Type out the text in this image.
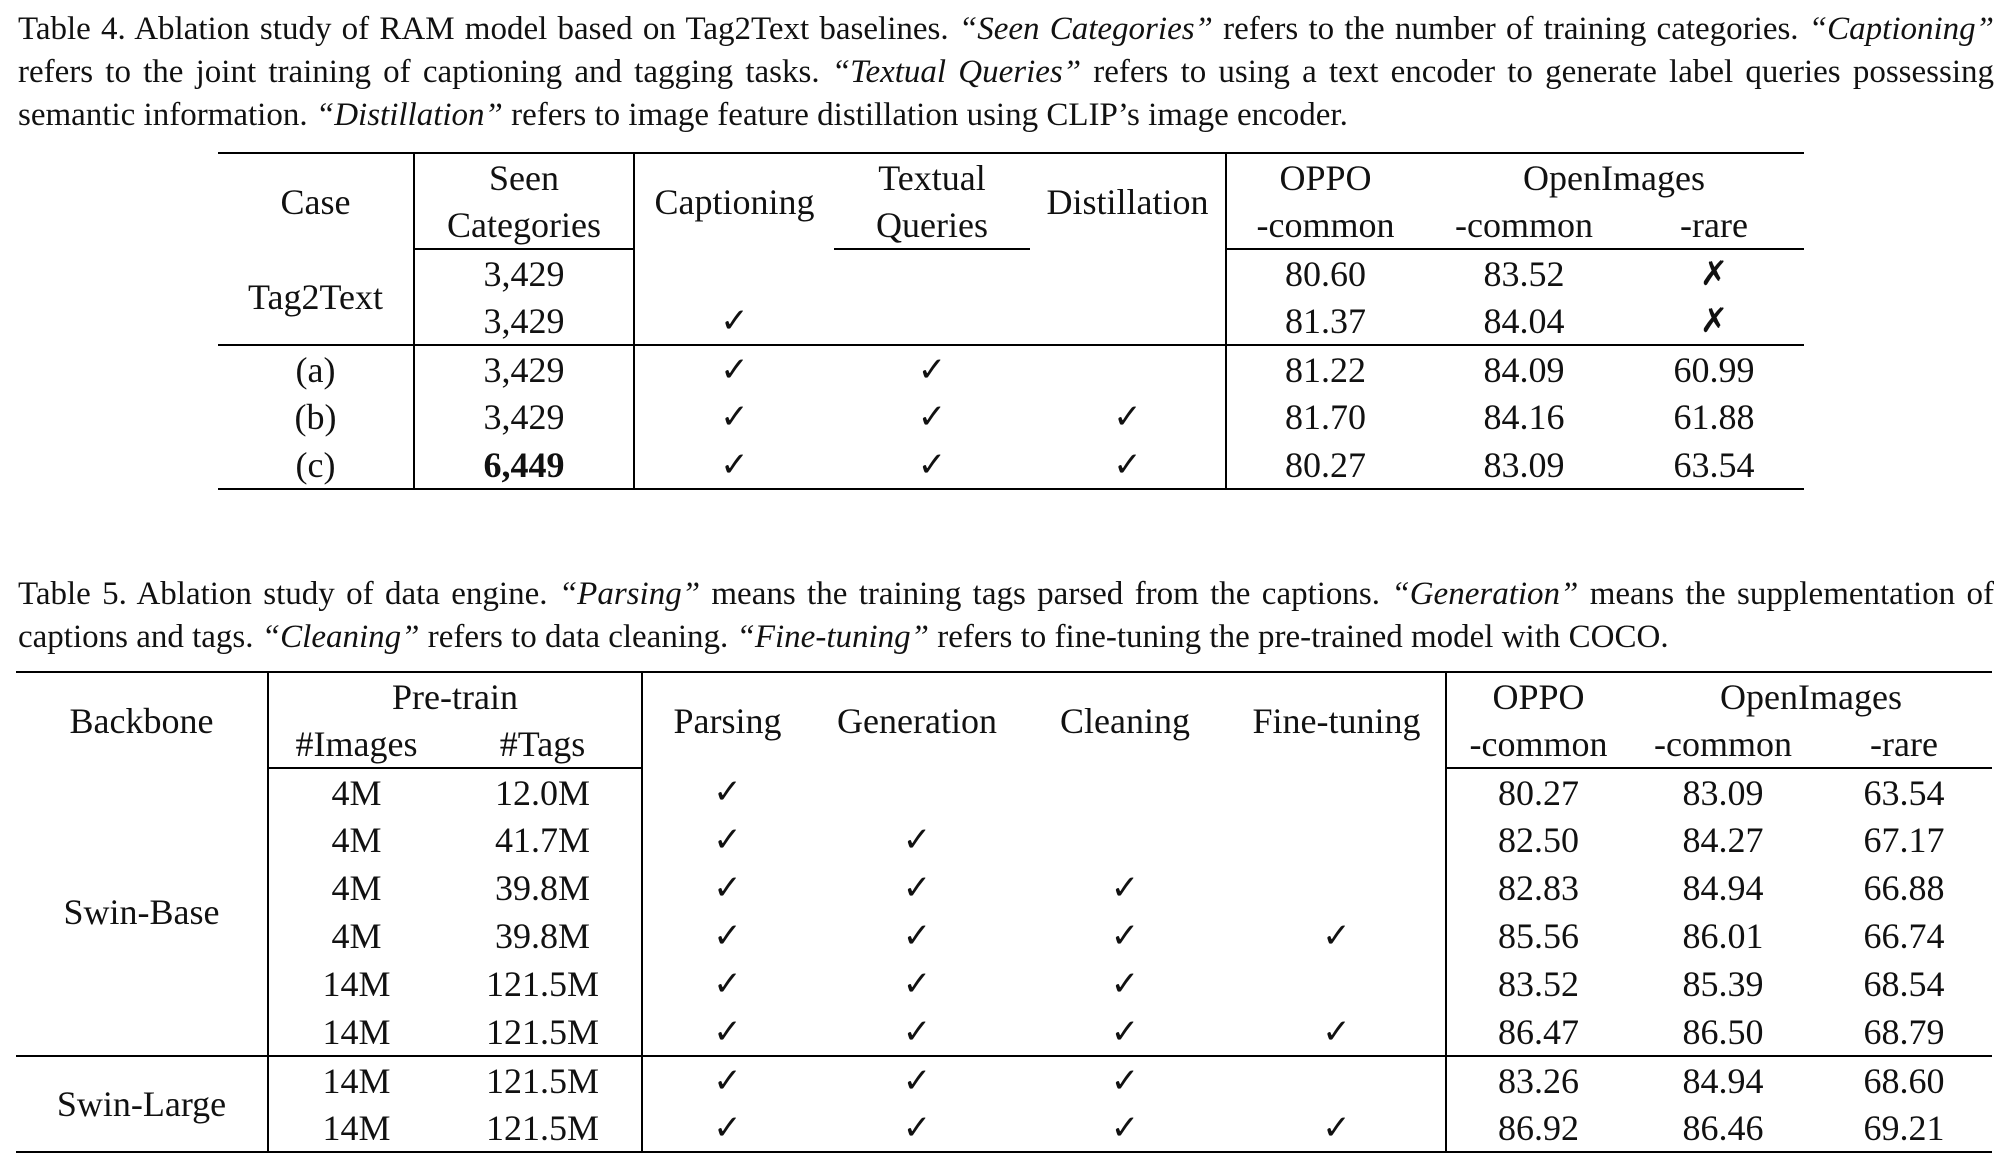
Table 4. Ablation study of RAM model based on Tag2Text baselines. “Seen Categories” refers to the number of training categories. “Captioning” refers to the joint training of captioning and tagging tasks. “Textual Queries” refers to using a text encoder to generate label queries possessing semantic information. “Distillation” refers to image feature distillation using CLIP’s image encoder.

Case	Seen	Captioning	Textual	Distillation	OPPO	OpenImages	
	Categories		Queries		-common	-common	-rare
Tag2Text	3,429				80.60	83.52	✗
	3,429	✓			81.37	84.04	✗
(a)	3,429	✓	✓		81.22	84.09	60.99
(b)	3,429	✓	✓	✓	81.70	84.16	61.88
(c)	6,449	✓	✓	✓	80.27	83.09	63.54

Table 5. Ablation study of data engine. “Parsing” means the training tags parsed from the captions. “Generation” means the supplementation of captions and tags. “Cleaning” refers to data cleaning. “Fine-tuning” refers to fine-tuning the pre-trained model with COCO.

Backbone	Pre-train		Parsing	Generation	Cleaning	Fine-tuning	OPPO	OpenImages	
	#Images	#Tags					-common	-common	-rare
Swin-Base	4M	12.0M	✓				80.27	83.09	63.54
	4M	41.7M	✓	✓			82.50	84.27	67.17
	4M	39.8M	✓	✓	✓		82.83	84.94	66.88
	4M	39.8M	✓	✓	✓	✓	85.56	86.01	66.74
	14M	121.5M	✓	✓	✓		83.52	85.39	68.54
	14M	121.5M	✓	✓	✓	✓	86.47	86.50	68.79
Swin-Large	14M	121.5M	✓	✓	✓		83.26	84.94	68.60
	14M	121.5M	✓	✓	✓	✓	86.92	86.46	69.21
